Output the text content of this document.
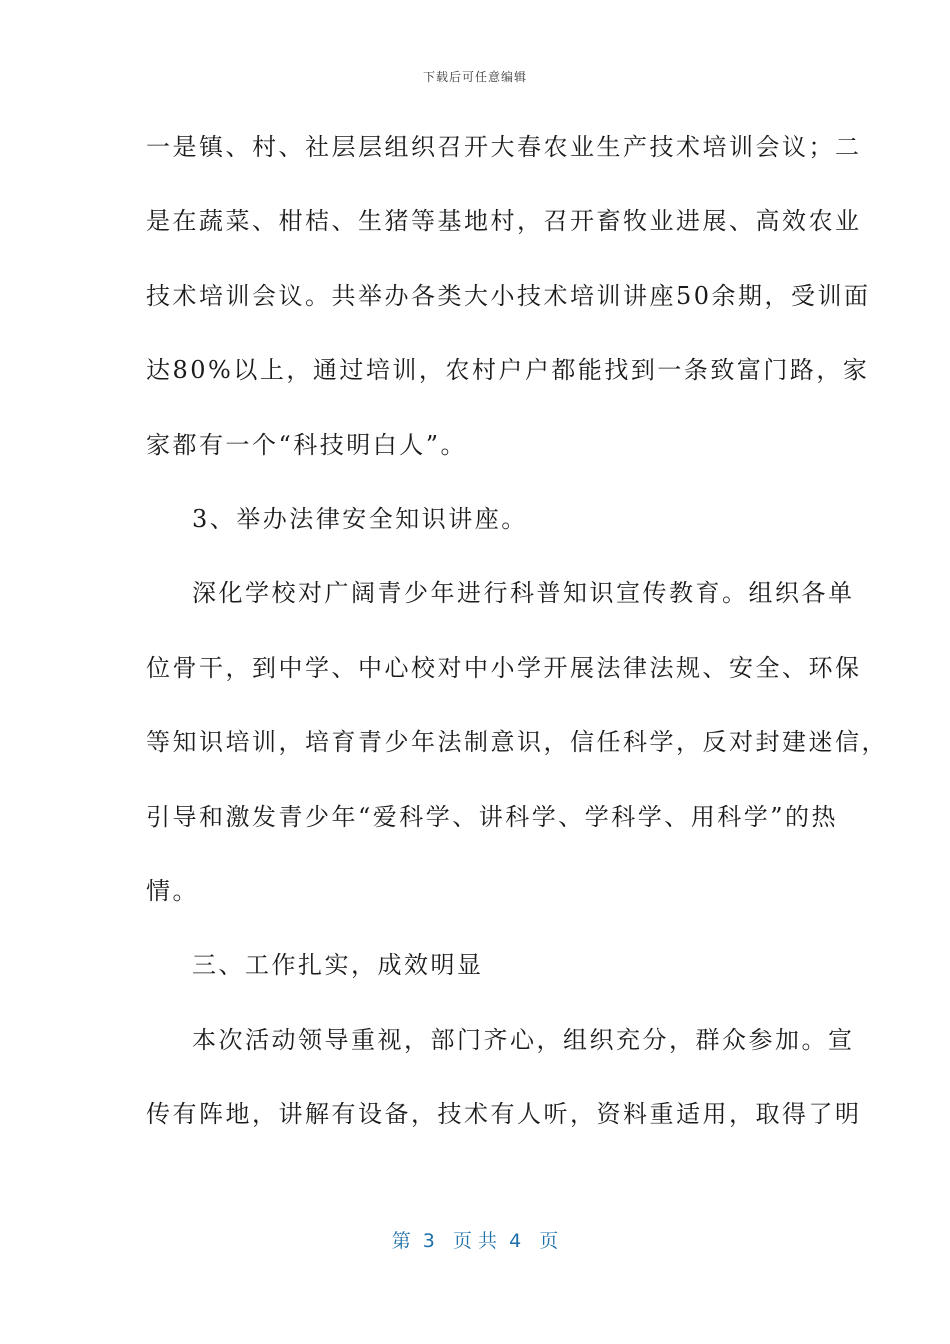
下载后可任意编辑
一是镇、村、社层层组织召开大春农业生产技术培训会议；二
是在蔬菜、柑桔、生猪等基地村，召开畜牧业进展、高效农业
技术培训会议。共举办各类大小技术培训讲座50余期，受训面
达80%以上，通过培训，农村户户都能找到一条致富门路，家
家都有一个“科技明白人”。
3、举办法律安全知识讲座。
深化学校对广阔青少年进行科普知识宣传教育。组织各单
位骨干，到中学、中心校对中小学开展法律法规、安全、环保
等知识培训，培育青少年法制意识，信任科学，反对封建迷信，
引导和激发青少年“爱科学、讲科学、学科学、用科学”的热
情。
三、工作扎实，成效明显
本次活动领导重视，部门齐心，组织充分，群众参加。宣
传有阵地，讲解有设备，技术有人听，资料重适用，取得了明
第  3   页 共  4   页
